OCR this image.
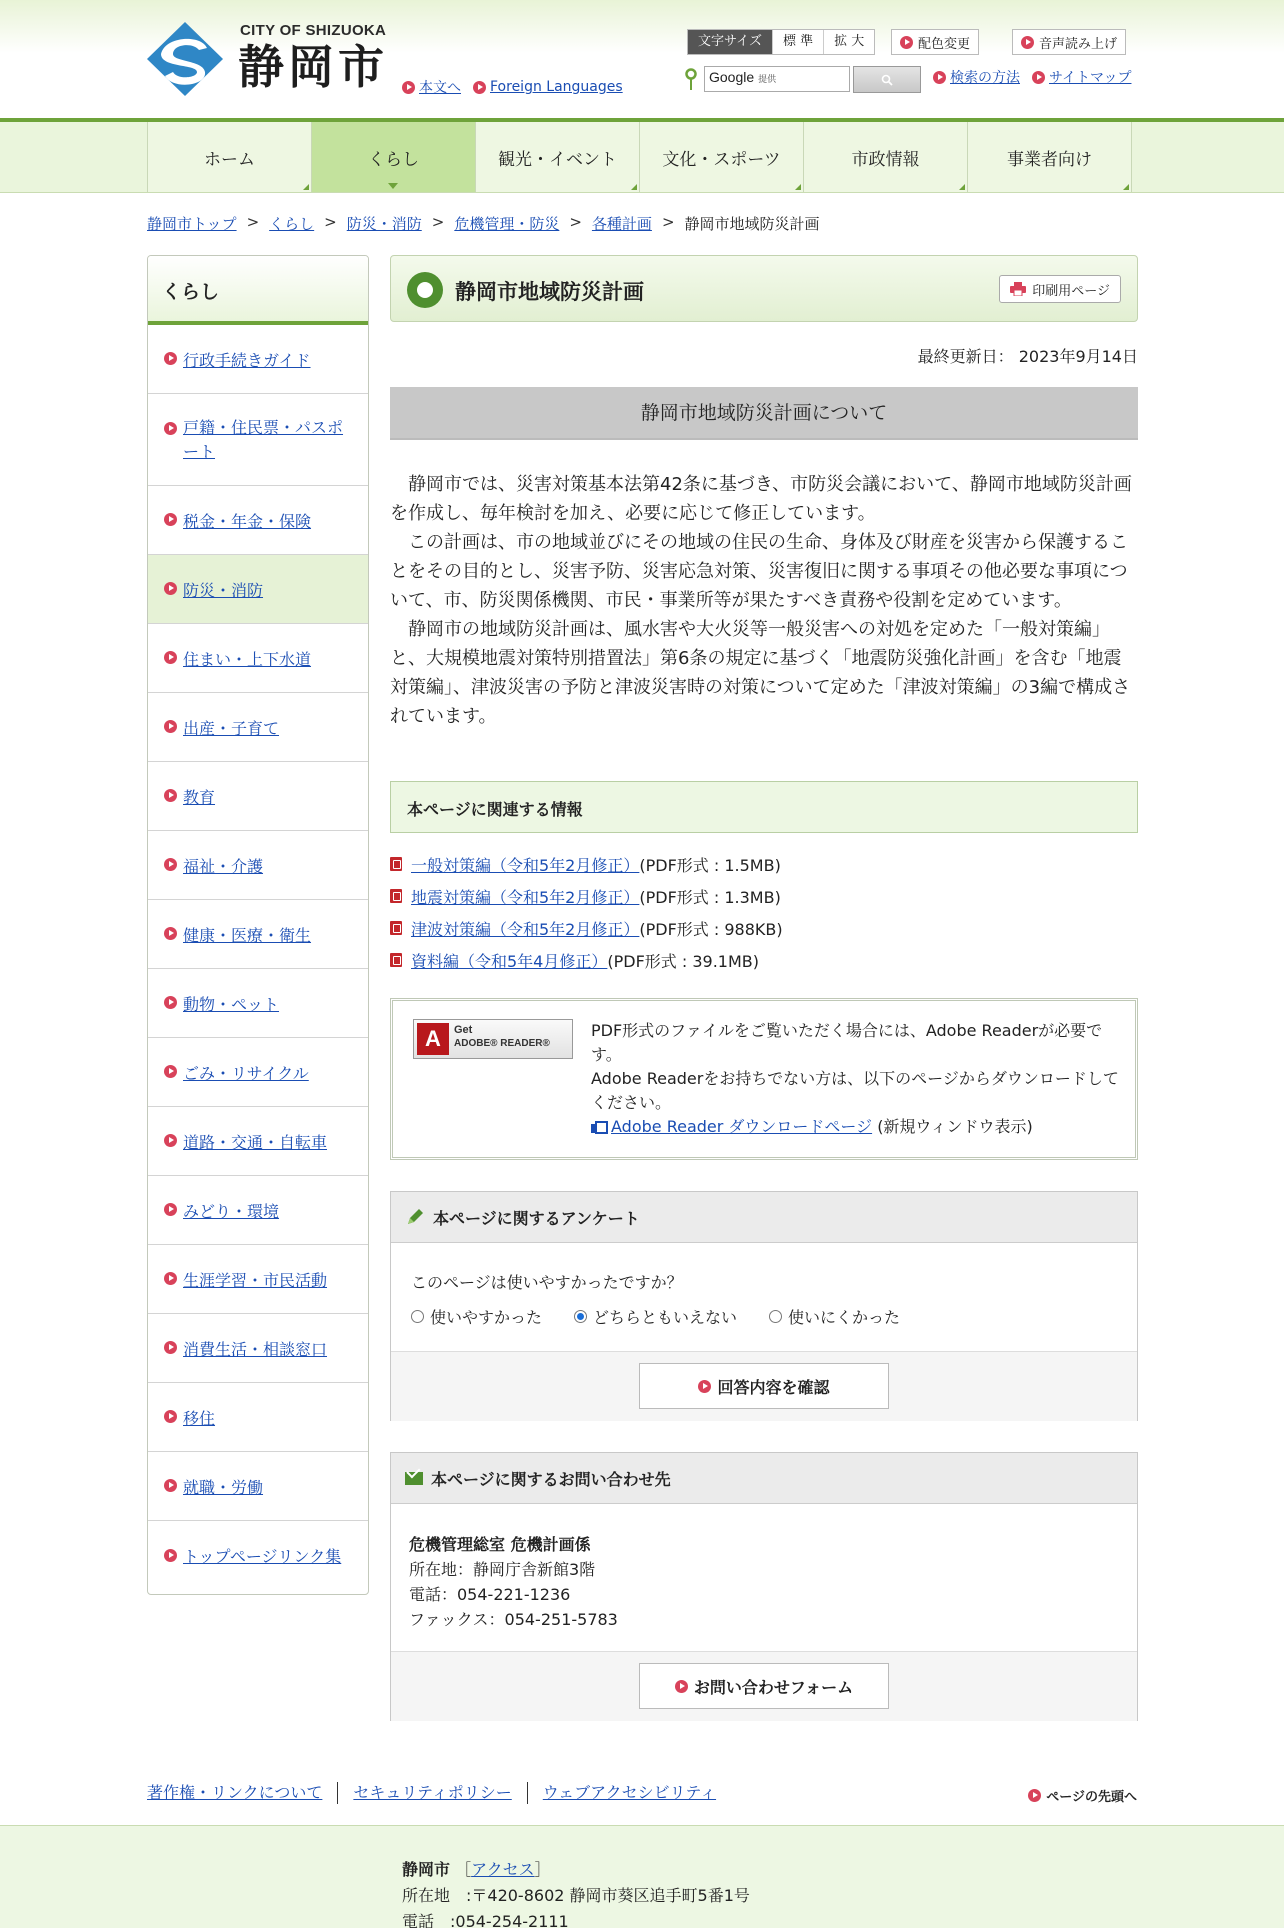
CITY OF SHIZUOKA
静岡市 本文へ Foreign Languages
文字サイズ	標 準	拡 大	配色変更	音声読み上げ
Google 提供	検索の方法 サイトマップ
ホーム	くらし	観光・イベント	文化・スポーツ	市政情報	事業者向け
静岡市トップ > くらし > 防災・消防 > 危機管理・防災 > 各種計画 > 静岡市地域防災計画
くらし
行政手続きガイド
戸籍・住民票・パスポート
税金・年金・保険
防災・消防
住まい・上下水道
出産・子育て
教育
福祉・介護
健康・医療・衛生
動物・ペット
ごみ・リサイクル
道路・交通・自転車
みどり・環境
生涯学習・市民活動
消費生活・相談窓口
移住
就職・労働
トップページリンク集
静岡市地域防災計画	印刷用ページ
最終更新日： 2023年9月14日
静岡市地域防災計画について

静岡市では、災害対策基本法第42条に基づき、市防災会議において、静岡市地域防災計画を作成し、毎年検討を加え、必要に応じて修正しています。

この計画は、市の地域並びにその地域の住民の生命、身体及び財産を災害から保護することをその目的とし、災害予防、災害応急対策、災害復旧に関する事項その他必要な事項について、市、防災関係機関、市民・事業所等が果たすべき責務や役割を定めています。

静岡市の地域防災計画は、風水害や大火災等一般災害への対処を定めた「一般対策編」と、大規模地震対策特別措置法」第6条の規定に基づく「地震防災強化計画」を含む「地震対策編」、津波災害の予防と津波災害時の対策について定めた「津波対策編」の3編で構成されています。

本ページに関連する情報
一般対策編（令和5年2月修正） (PDF形式 : 1.5MB)
地震対策編（令和5年2月修正） (PDF形式 : 1.3MB)
津波対策編（令和5年2月修正） (PDF形式 : 988KB)
資料編（令和5年4月修正） (PDF形式 : 39.1MB)
A	Get
ADOBE® READER®
PDF形式のファイルをご覧いただく場合には、Adobe Readerが必要です。
Adobe Readerをお持ちでない方は、以下のページからダウンロードしてください。
Adobe Reader ダウンロードページ (新規ウィンドウ表示)
本ページに関するアンケート
このページは使いやすかったですか？
使いやすかった	どちらともいえない	使いにくかった
回答内容を確認
本ページに関するお問い合わせ先
危機管理総室 危機計画係
所在地：静岡庁舎新館3階
電話：054-221-1236
ファックス：054-251-5783
お問い合わせフォーム
著作権・リンクについて	セキュリティポリシー	ウェブアクセシビリティ	ページの先頭へ
静岡市 ［アクセス］
所在地　:〒420-8602 静岡市葵区追手町5番1号
電話　:054-254-2111
